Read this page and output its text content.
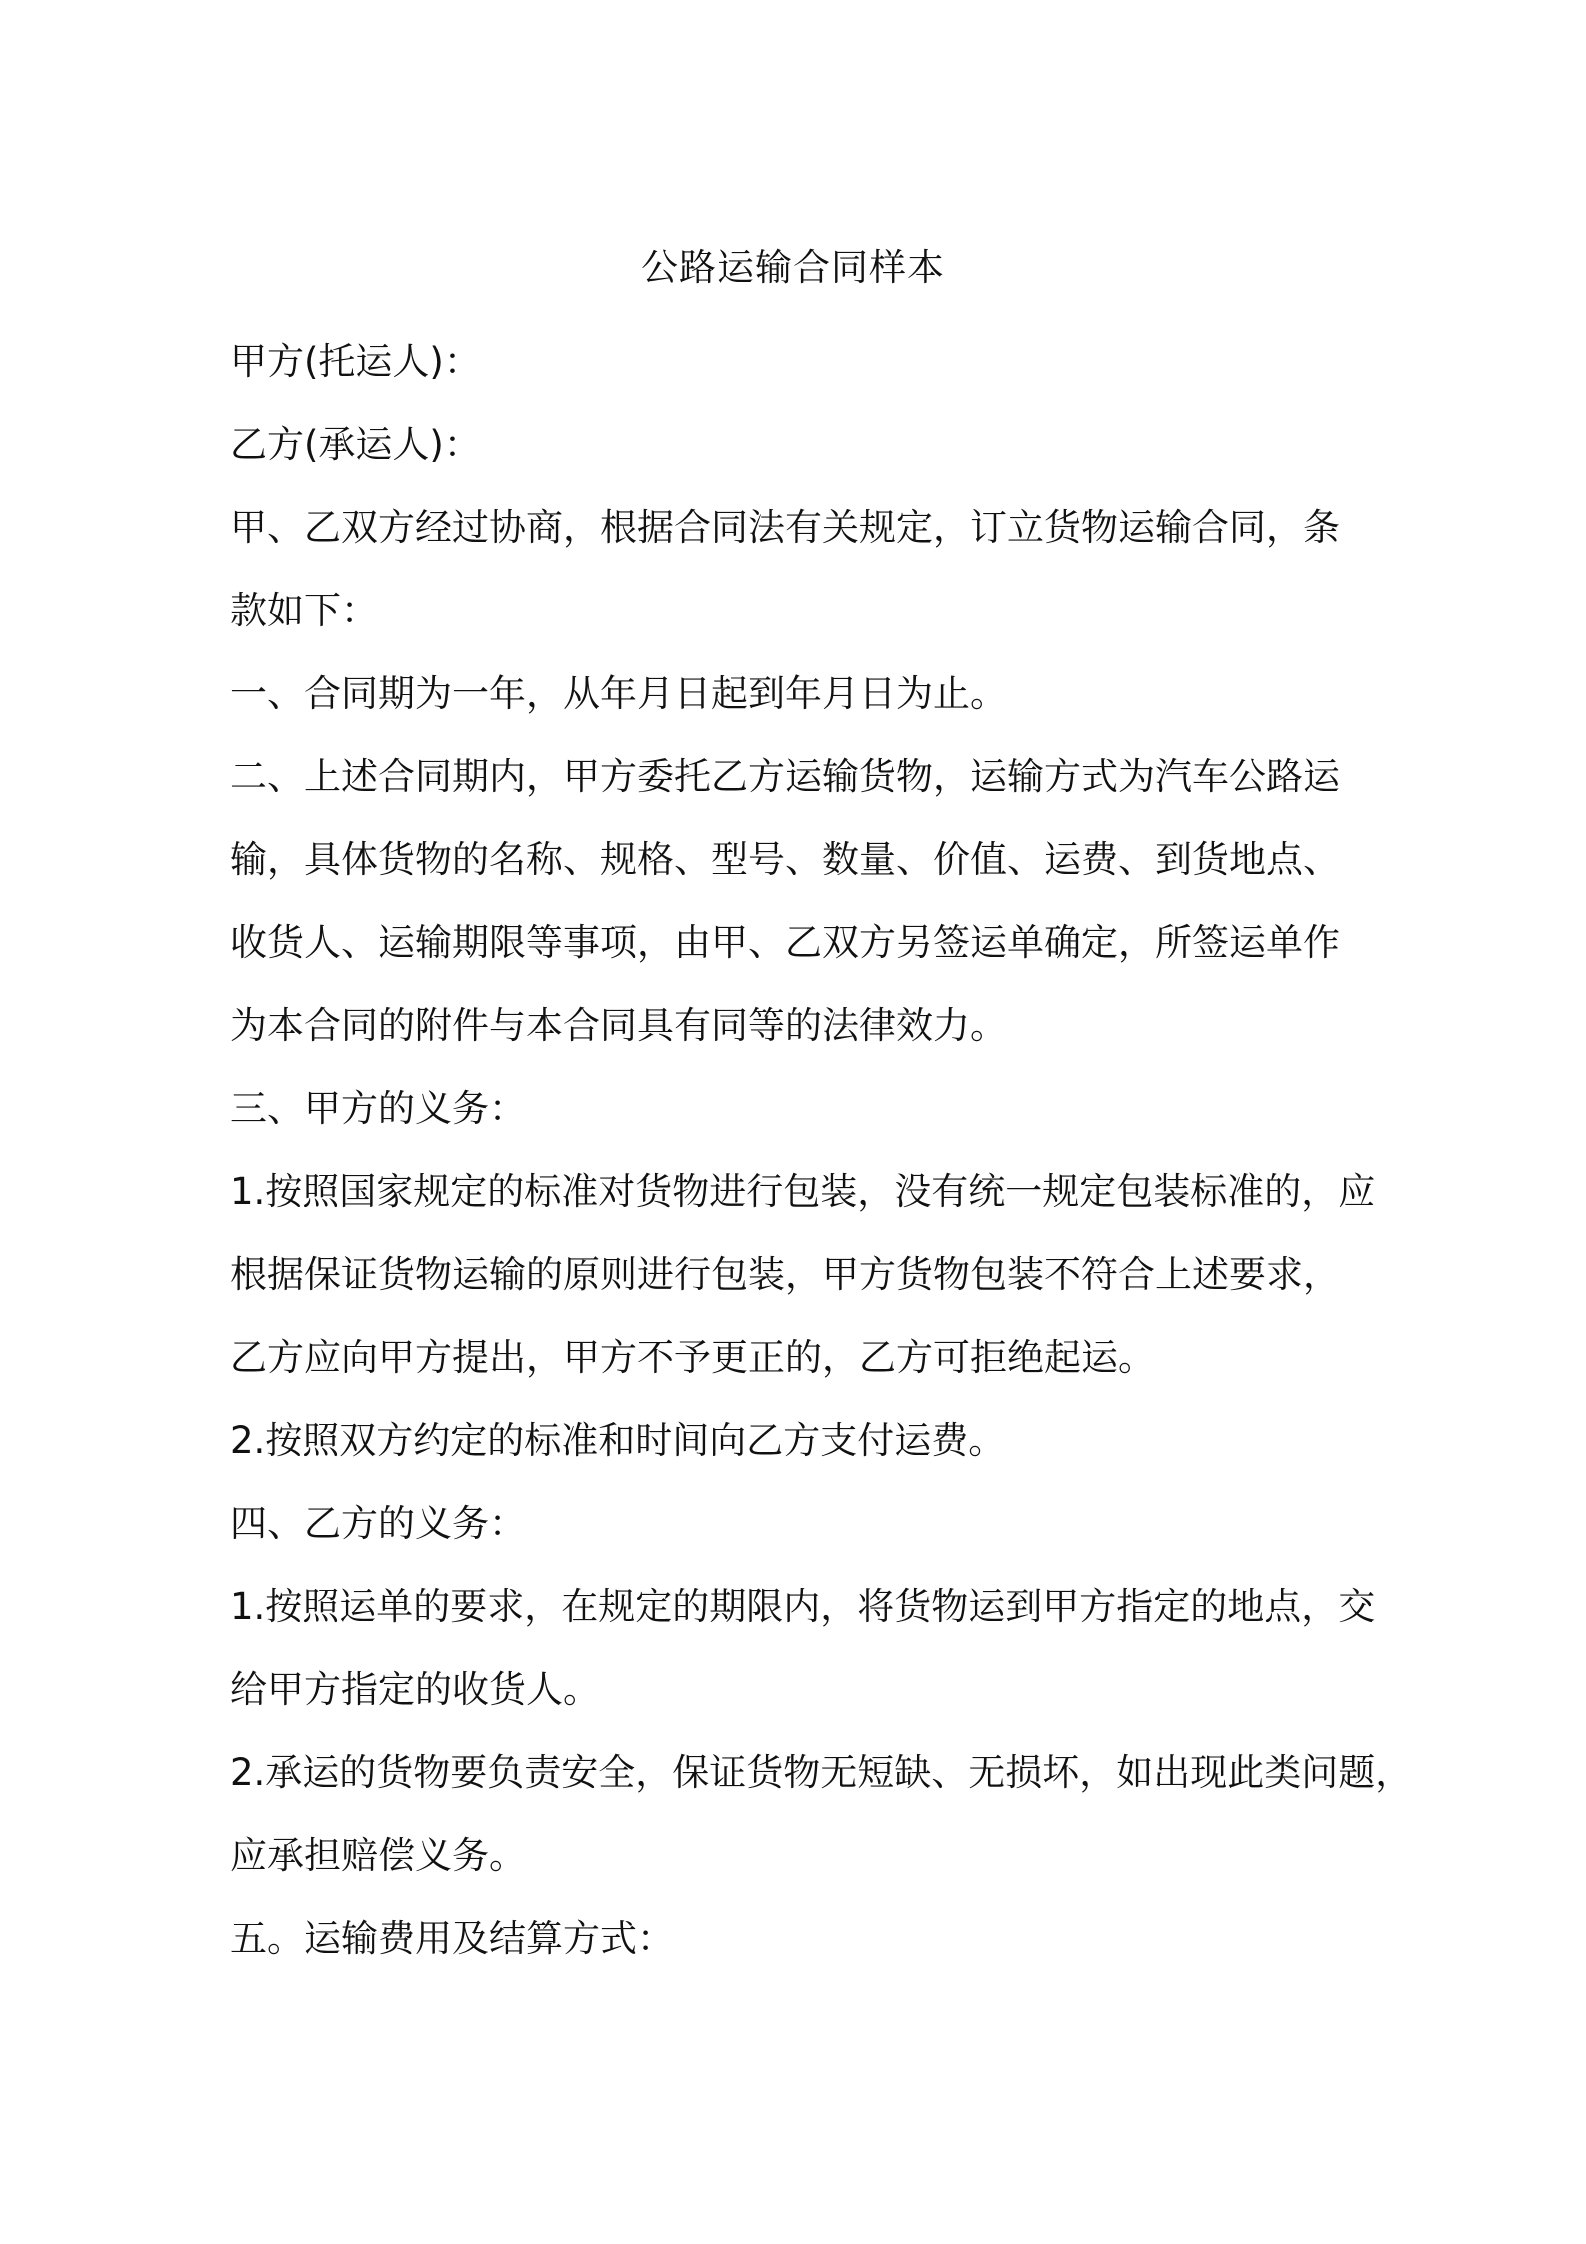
公路运输合同样本

甲方(托运人)：

乙方(承运人)：

甲、乙双方经过协商，根据合同法有关规定，订立货物运输合同，条

款如下：

一、合同期为一年，从年月日起到年月日为止。

二、上述合同期内，甲方委托乙方运输货物，运输方式为汽车公路运

输，具体货物的名称、规格、型号、数量、价值、运费、到货地点、

收货人、运输期限等事项，由甲、乙双方另签运单确定，所签运单作

为本合同的附件与本合同具有同等的法律效力。

三、甲方的义务：

1.按照国家规定的标准对货物进行包装，没有统一规定包装标准的，应

根据保证货物运输的原则进行包装，甲方货物包装不符合上述要求，

乙方应向甲方提出，甲方不予更正的，乙方可拒绝起运。

2.按照双方约定的标准和时间向乙方支付运费。

四、乙方的义务：

1.按照运单的要求，在规定的期限内，将货物运到甲方指定的地点，交

给甲方指定的收货人。

2.承运的货物要负责安全，保证货物无短缺、无损坏，如出现此类问题，

应承担赔偿义务。

五。运输费用及结算方式：
